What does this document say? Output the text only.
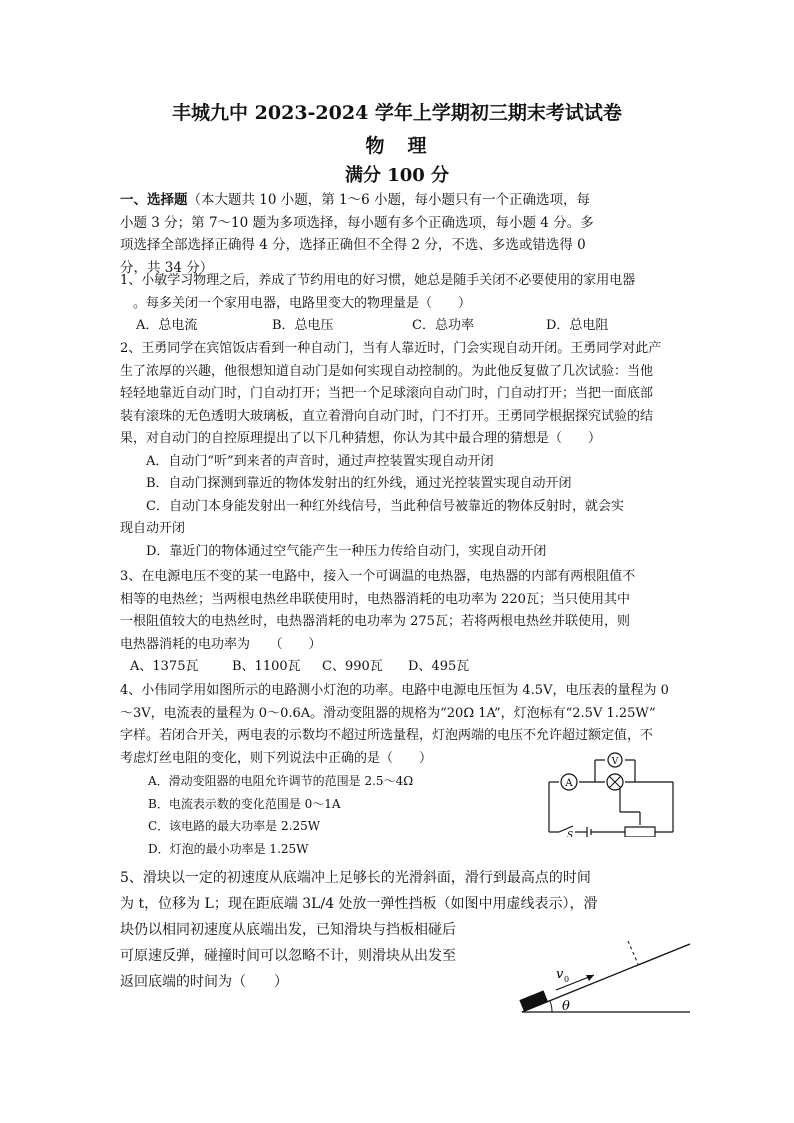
丰城九中 2023-2024 学年上学期初三期末考试试卷
物　理
满分 100 分
一、选择题（本大题共 10 小题，第 1～6 小题，每小题只有一个正确选项，每
小题 3 分；第 7～10 题为多项选择，每小题有多个正确选项，每小题 4 分。多
项选择全部选择正确得 4 分，选择正确但不全得 2 分，不选、多选或错选得 0
分，共 34 分）
1、小敏学习物理之后，养成了节约用电的好习惯，她总是随手关闭不必要使用的家用电器
　。每多关闭一个家用电器，电路里变大的物理量是（　　）
A．总电流	B．总电压	C．总功率	D．总电阻
2、王勇同学在宾馆饭店看到一种自动门，当有人靠近时，门会实现自动开闭。王勇同学对此产
生了浓厚的兴趣，他很想知道自动门是如何实现自动控制的。为此他反复做了几次试验：当他
轻轻地靠近自动门时，门自动打开；当把一个足球滚向自动门时，门自动打开；当把一面底部
装有滚珠的无色透明大玻璃板，直立着滑向自动门时，门不打开。王勇同学根据探究试验的结
果，对自动门的自控原理提出了以下几种猜想，你认为其中最合理的猜想是（　　）
A．自动门“听”到来者的声音时，通过声控装置实现自动开闭
B．自动门探测到靠近的物体发射出的红外线，通过光控装置实现自动开闭
C．自动门本身能发射出一种红外线信号，当此种信号被靠近的物体反射时，就会实
现自动开闭
D．靠近门的物体通过空气能产生一种压力传给自动门，实现自动开闭
3、在电源电压不变的某一电路中，接入一个可调温的电热器，电热器的内部有两根阻值不
相等的电热丝；当两根电热丝串联使用时，电热器消耗的电功率为 220瓦；当只使用其中
一根阻值较大的电热丝时，电热器消耗的电功率为 275瓦；若将两根电热丝并联使用，则
电热器消耗的电功率为　　（　　）
A、1375瓦	B、1100瓦	C、990瓦	D、495瓦
4、小伟同学用如图所示的电路测小灯泡的功率。电路中电源电压恒为 4.5V，电压表的量程为 0
～3V，电流表的量程为 0～0.6A。滑动变阻器的规格为“20Ω 1A”，灯泡标有“2.5V 1.25W”
字样。若闭合开关，两电表的示数均不超过所选量程，灯泡两端的电压不允许超过额定值，不
考虑灯丝电阻的变化，则下列说法中正确的是（　　）
A．滑动变阻器的电阻允许调节的范围是 2.5～4Ω
B．电流表示数的变化范围是 0～1A
C．该电路的最大功率是 2.25W
D．灯泡的最小功率是 1.25W
A
V
S
5、滑块以一定的初速度从底端冲上足够长的光滑斜面，滑行到最高点的时间
为 t，位移为 L；现在距底端 3L/4 处放一弹性挡板（如图中用虚线表示），滑
块仍以相同初速度从底端出发，已知滑块与挡板相碰后
可原速反弹，碰撞时间可以忽略不计，则滑块从出发至
返回底端的时间为（　　）	v 0
θ
